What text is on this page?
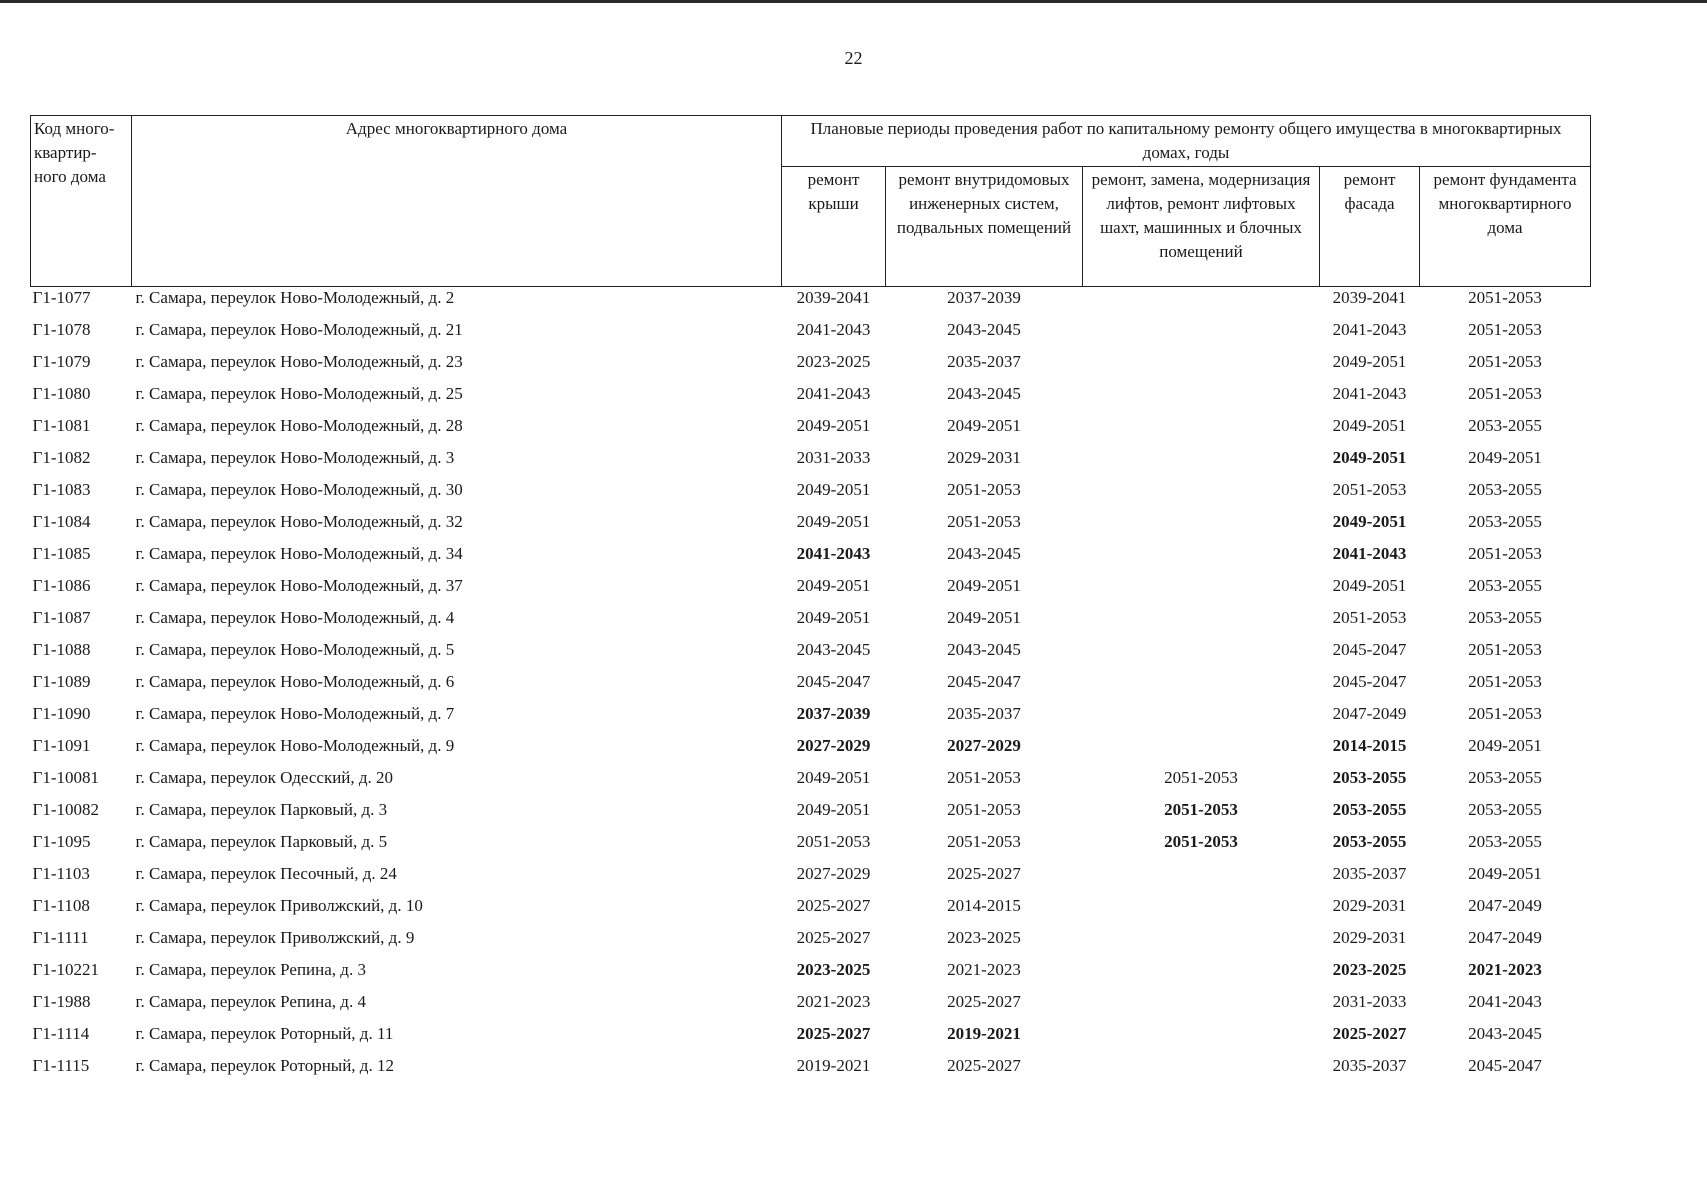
22
Код много-квартир-ного дома	Адрес многоквартирного дома	Плановые периоды проведения работ по капитальному ремонту общего имущества в многоквартирных домах, годы				
		ремонт крыши	ремонт внутридомовых инженерных систем, подвальных помещений	ремонт, замена, модернизация лифтов, ремонт лифтовых шахт, машинных и блочных помещений	ремонт фасада	ремонт фундамента многоквартирного дома
Г1-1077	г. Самара, переулок Ново-Молодежный, д. 2	2039-2041	2037-2039		2039-2041	2051-2053
Г1-1078	г. Самара, переулок Ново-Молодежный, д. 21	2041-2043	2043-2045		2041-2043	2051-2053
Г1-1079	г. Самара, переулок Ново-Молодежный, д. 23	2023-2025	2035-2037		2049-2051	2051-2053
Г1-1080	г. Самара, переулок Ново-Молодежный, д. 25	2041-2043	2043-2045		2041-2043	2051-2053
Г1-1081	г. Самара, переулок Ново-Молодежный, д. 28	2049-2051	2049-2051		2049-2051	2053-2055
Г1-1082	г. Самара, переулок Ново-Молодежный, д. 3	2031-2033	2029-2031		2049-2051	2049-2051
Г1-1083	г. Самара, переулок Ново-Молодежный, д. 30	2049-2051	2051-2053		2051-2053	2053-2055
Г1-1084	г. Самара, переулок Ново-Молодежный, д. 32	2049-2051	2051-2053		2049-2051	2053-2055
Г1-1085	г. Самара, переулок Ново-Молодежный, д. 34	2041-2043	2043-2045		2041-2043	2051-2053
Г1-1086	г. Самара, переулок Ново-Молодежный, д. 37	2049-2051	2049-2051		2049-2051	2053-2055
Г1-1087	г. Самара, переулок Ново-Молодежный, д. 4	2049-2051	2049-2051		2051-2053	2053-2055
Г1-1088	г. Самара, переулок Ново-Молодежный, д. 5	2043-2045	2043-2045		2045-2047	2051-2053
Г1-1089	г. Самара, переулок Ново-Молодежный, д. 6	2045-2047	2045-2047		2045-2047	2051-2053
Г1-1090	г. Самара, переулок Ново-Молодежный, д. 7	2037-2039	2035-2037		2047-2049	2051-2053
Г1-1091	г. Самара, переулок Ново-Молодежный, д. 9	2027-2029	2027-2029		2014-2015	2049-2051
Г1-10081	г. Самара, переулок Одесский, д. 20	2049-2051	2051-2053	2051-2053	2053-2055	2053-2055
Г1-10082	г. Самара, переулок Парковый, д. 3	2049-2051	2051-2053	2051-2053	2053-2055	2053-2055
Г1-1095	г. Самара, переулок Парковый, д. 5	2051-2053	2051-2053	2051-2053	2053-2055	2053-2055
Г1-1103	г. Самара, переулок Песочный, д. 24	2027-2029	2025-2027		2035-2037	2049-2051
Г1-1108	г. Самара, переулок Приволжский, д. 10	2025-2027	2014-2015		2029-2031	2047-2049
Г1-1111	г. Самара, переулок Приволжский, д. 9	2025-2027	2023-2025		2029-2031	2047-2049
Г1-10221	г. Самара, переулок Репина, д. 3	2023-2025	2021-2023		2023-2025	2021-2023
Г1-1988	г. Самара, переулок Репина, д. 4	2021-2023	2025-2027		2031-2033	2041-2043
Г1-1114	г. Самара, переулок Роторный, д. 11	2025-2027	2019-2021		2025-2027	2043-2045
Г1-1115	г. Самара, переулок Роторный, д. 12	2019-2021	2025-2027		2035-2037	2045-2047
